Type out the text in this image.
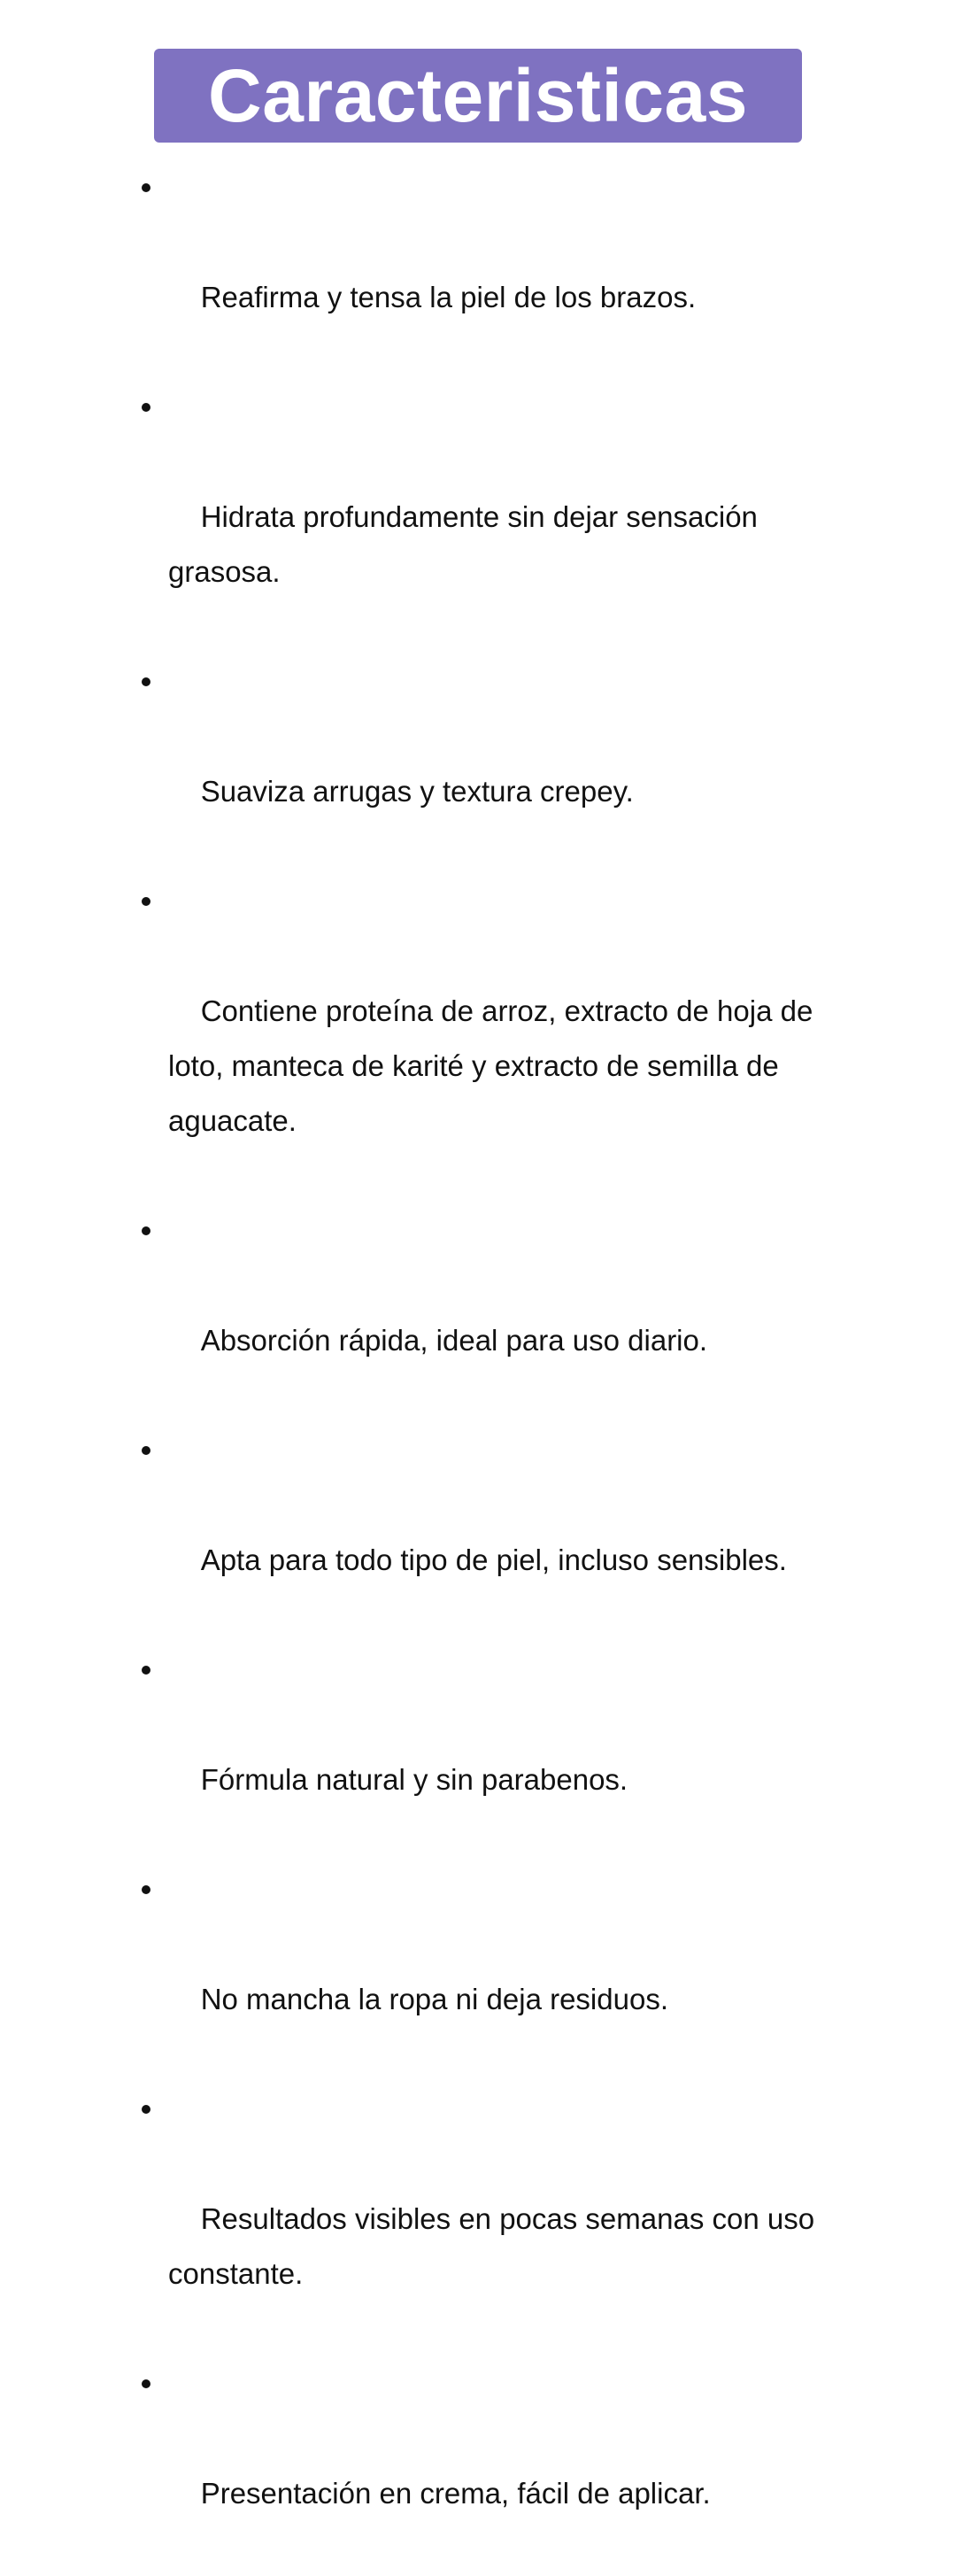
Caracteristicas

Reafirma y tensa la piel de los brazos.

Hidrata profundamente sin dejar sensación
grasosa.

Suaviza arrugas y textura crepey.

Contiene proteína de arroz, extracto de hoja de
loto, manteca de karité y extracto de semilla de
aguacate.

Absorción rápida, ideal para uso diario.

Apta para todo tipo de piel, incluso sensibles.

Fórmula natural y sin parabenos.

No mancha la ropa ni deja residuos.

Resultados visibles en pocas semanas con uso
constante.

Presentación en crema, fácil de aplicar.
